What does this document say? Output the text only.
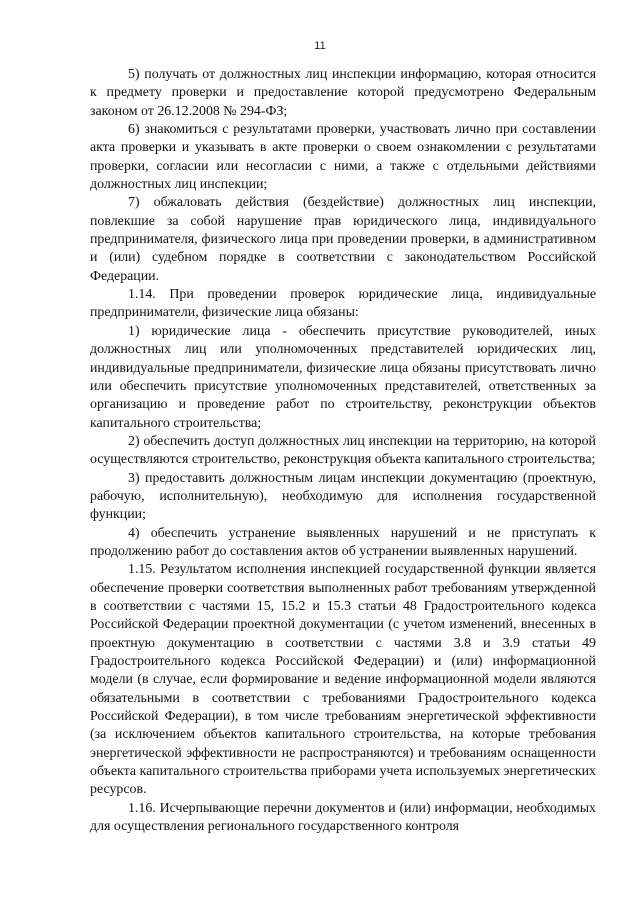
11

5) получать от должностных лиц инспекции информацию, которая относится к предмету проверки и предоставление которой предусмотрено Федеральным законом от 26.12.2008 № 294-ФЗ;

6) знакомиться с результатами проверки, участвовать лично при составлении акта проверки и указывать в акте проверки о своем ознакомлении с результатами проверки, согласии или несогласии с ними, а также с отдельными действиями должностных лиц инспекции;

7) обжаловать действия (бездействие) должностных лиц инспекции, повлекшие за собой нарушение прав юридического лица, индивидуального предпринимателя, физического лица при проведении проверки, в административном и (или) судебном порядке в соответствии с законодательством Российской Федерации.

1.14. При проведении проверок юридические лица, индивидуальные предприниматели, физические лица обязаны:

1) юридические лица - обеспечить присутствие руководителей, иных должностных лиц или уполномоченных представителей юридических лиц, индивидуальные предприниматели, физические лица обязаны присутствовать лично или обеспечить присутствие уполномоченных представителей, ответственных за организацию и проведение работ по строительству, реконструкции объектов капитального строительства;

2) обеспечить доступ должностных лиц инспекции на территорию, на которой осуществляются строительство, реконструкция объекта капитального строительства;

3) предоставить должностным лицам инспекции документацию (проектную, рабочую, исполнительную), необходимую для исполнения государственной функции;

4) обеспечить устранение выявленных нарушений и не приступать к продолжению работ до составления актов об устранении выявленных нарушений.

1.15. Результатом исполнения инспекцией государственной функции является обеспечение проверки соответствия выполненных работ требованиям утвержденной в соответствии с частями 15, 15.2 и 15.3 статьи 48 Градостроительного кодекса Российской Федерации проектной документации (с учетом изменений, внесенных в проектную документацию в соответствии с частями 3.8 и 3.9 статьи 49 Градостроительного кодекса Российской Федерации) и (или) информационной модели (в случае, если формирование и ведение информационной модели являются обязательными в соответствии с требованиями Градостроительного кодекса Российской Федерации), в том числе требованиям энергетической эффективности (за исключением объектов капитального строительства, на которые требования энергетической эффективности не распространяются) и требованиям оснащенности объекта капитального строительства приборами учета используемых энергетических ресурсов.

1.16. Исчерпывающие перечни документов и (или) информации, необходимых для осуществления регионального государственного контроля
